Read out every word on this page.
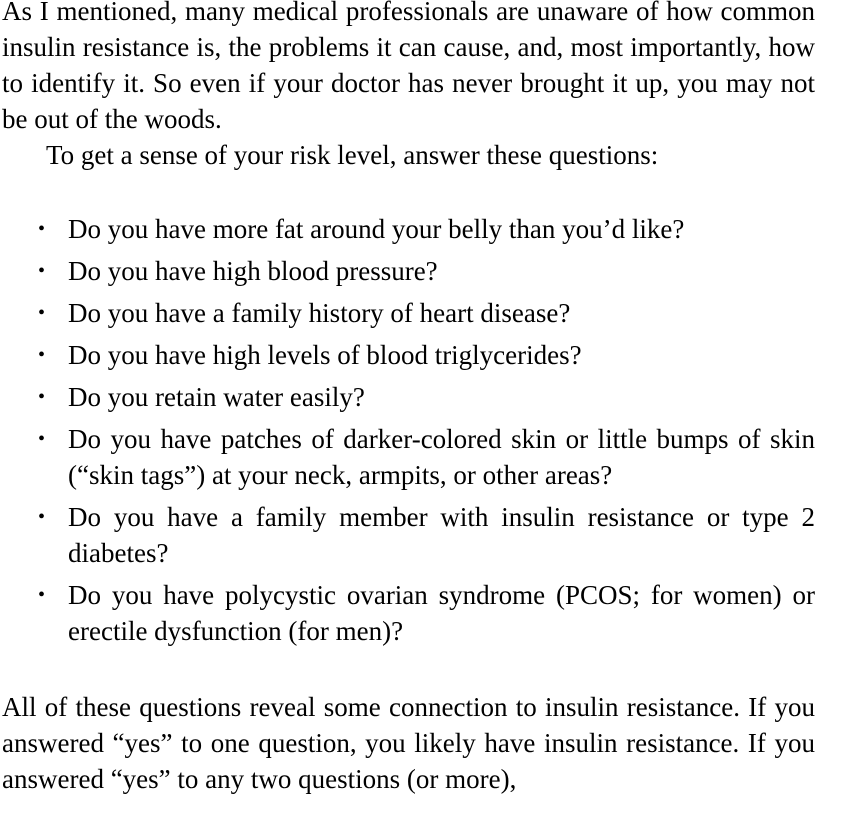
As I mentioned, many medical professionals are unaware of how common insulin resistance is, the problems it can cause, and, most importantly, how to identify it. So even if your doctor has never brought it up, you may not be out of the woods.

To get a sense of your risk level, answer these questions:

• Do you have more fat around your belly than you’d like?
• Do you have high blood pressure?
• Do you have a family history of heart disease?
• Do you have high levels of blood triglycerides?
• Do you retain water easily?
• Do you have patches of darker-colored skin or little bumps of skin (“skin tags”) at your neck, armpits, or other areas?
• Do you have a family member with insulin resistance or type 2 diabetes?
• Do you have polycystic ovarian syndrome (PCOS; for women) or erectile dysfunction (for men)?

All of these questions reveal some connection to insulin resistance. If you answered “yes” to one question, you likely have insulin resistance. If you answered “yes” to any two questions (or more),
